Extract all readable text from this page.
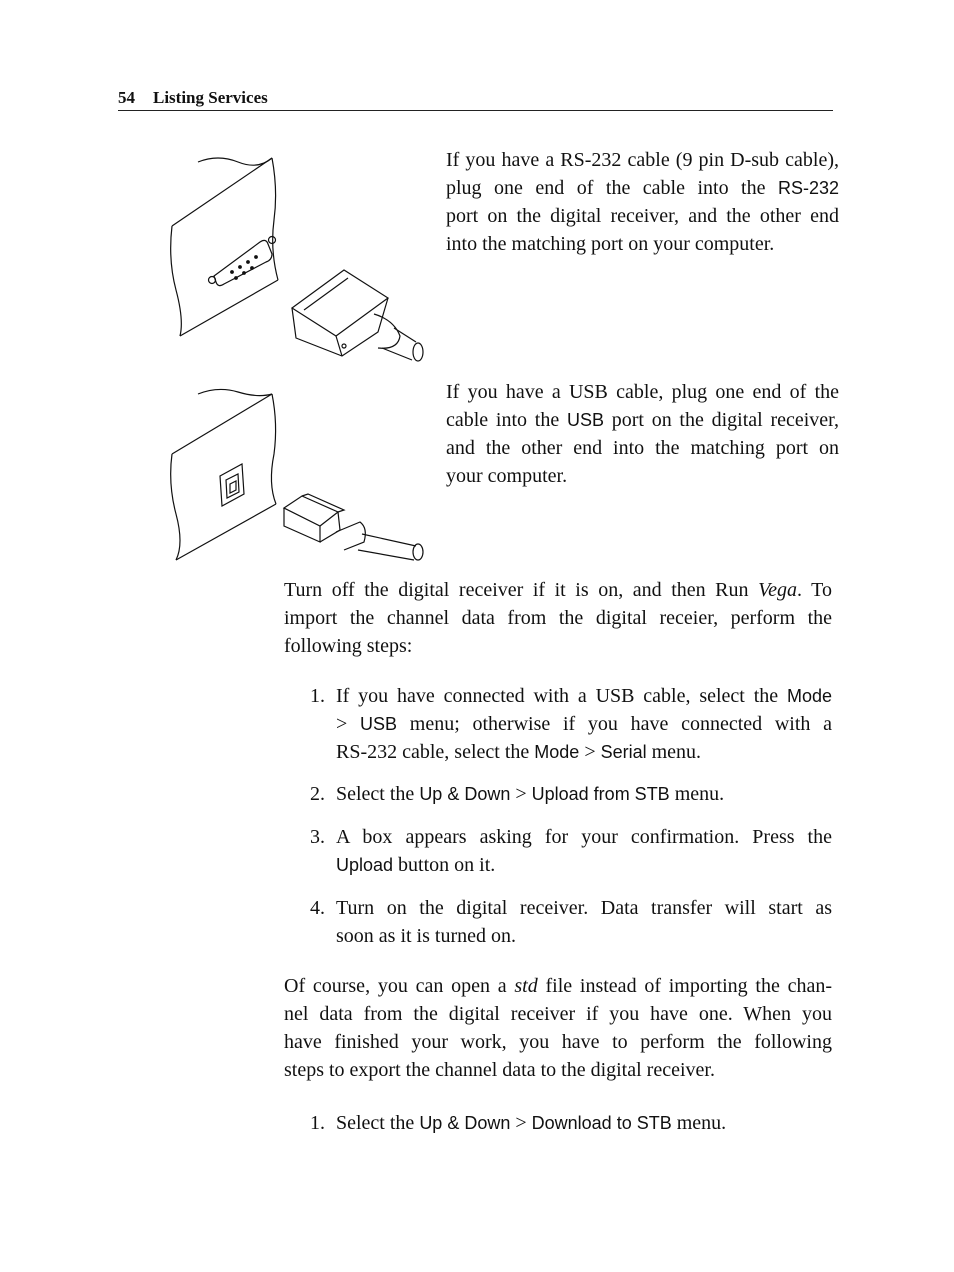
54 Listing Services
If you have a RS-232 cable (9 pin D-sub cable),
plug one end of the cable into the RS-232
port on the digital receiver, and the other end
into the matching port on your computer.
If you have a USB cable, plug one end of the
cable into the USB port on the digital receiver,
and the other end into the matching port on
your computer.
Turn off the digital receiver if it is on, and then Run Vega. To
import the channel data from the digital receier, perform the
following steps:
1. If you have connected with a USB cable, select the Mode
> USB menu; otherwise if you have connected with a
RS-232 cable, select the Mode > Serial menu.
2. Select the Up & Down > Upload from STB menu.
3. A box appears asking for your confirmation. Press the
Upload button on it.
4. Turn on the digital receiver. Data transfer will start as
soon as it is turned on.
Of course, you can open a std file instead of importing the chan-
nel data from the digital receiver if you have one. When you
have finished your work, you have to perform the following
steps to export the channel data to the digital receiver.
1. Select the Up & Down > Download to STB menu.
